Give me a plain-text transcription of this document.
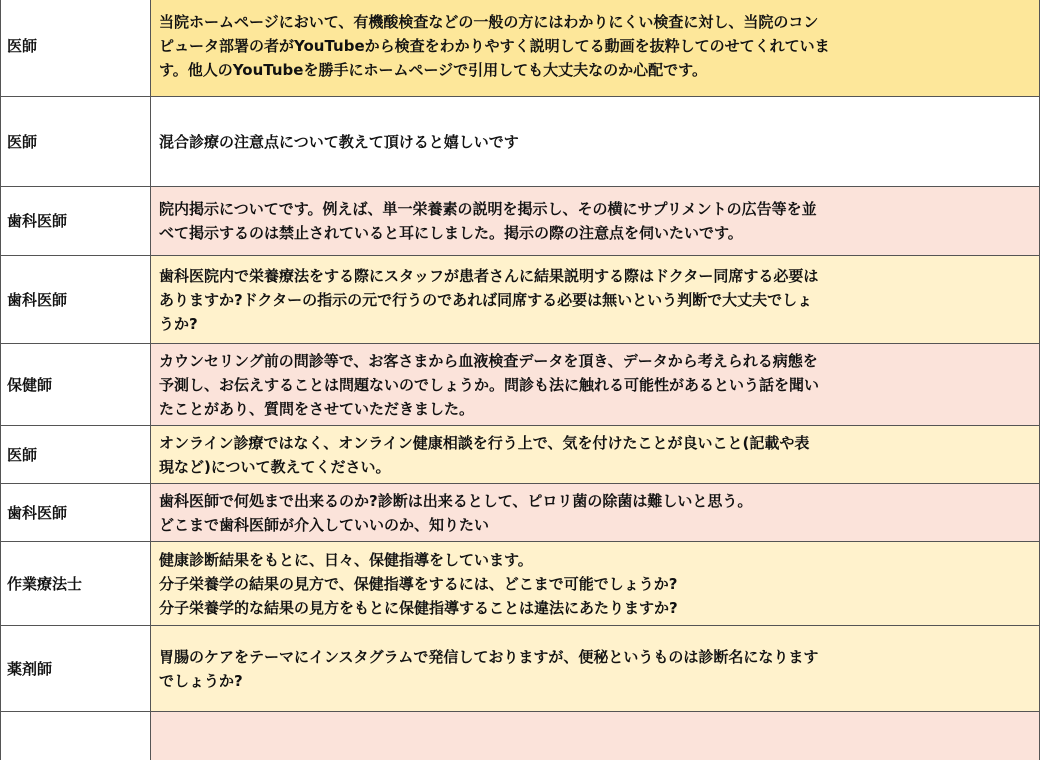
医師	当院ホームページにおいて、有機酸検査などの一般の方にはわかりにくい検査に対し、当院のコン
ピュータ部署の者がYouTubeから検査をわかりやすく説明してる動画を抜粋してのせてくれていま
す。他人のYouTubeを勝手にホームページで引用しても大丈夫なのか心配です。
医師	混合診療の注意点について教えて頂けると嬉しいです
歯科医師	院内掲示についてです。例えば、単一栄養素の説明を掲示し、その横にサプリメントの広告等を並
べて掲示するのは禁止されていると耳にしました。掲示の際の注意点を伺いたいです。
歯科医師	歯科医院内で栄養療法をする際にスタッフが患者さんに結果説明する際はドクター同席する必要は
ありますか?ドクターの指示の元で行うのであれば同席する必要は無いという判断で大丈夫でしょ
うか?
保健師	カウンセリング前の問診等で、お客さまから血液検査データを頂き、データから考えられる病態を
予測し、お伝えすることは問題ないのでしょうか。問診も法に触れる可能性があるという話を聞い
たことがあり、質問をさせていただきました。
医師	オンライン診療ではなく、オンライン健康相談を行う上で、気を付けたことが良いこと(記載や表
現など)について教えてください。
歯科医師	歯科医師で何処まで出来るのか?診断は出来るとして、ピロリ菌の除菌は難しいと思う。
どこまで歯科医師が介入していいのか、知りたい
作業療法士	健康診断結果をもとに、日々、保健指導をしています。
分子栄養学の結果の見方で、保健指導をするには、どこまで可能でしょうか?
分子栄養学的な結果の見方をもとに保健指導することは違法にあたりますか?
薬剤師	胃腸のケアをテーマにインスタグラムで発信しておりますが、便秘というものは診断名になります
でしょうか?
